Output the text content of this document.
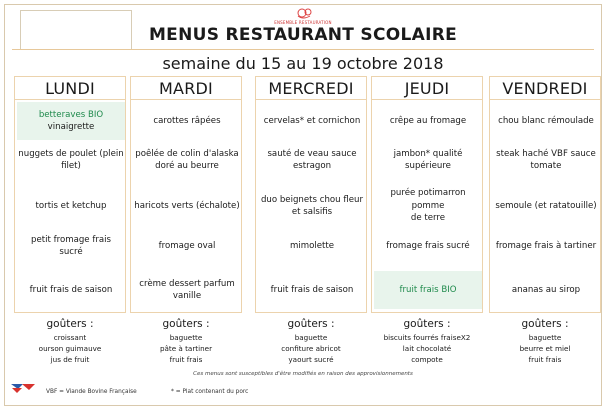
ENSEMBLE RESTAURATION
MENUS RESTAURANT SCOLAIRE
semaine du 15 au 19 octobre 2018
LUNDI
betteraves BIO
vinaigrette
nuggets de poulet (plein
filet)
tortis et ketchup
petit fromage frais
sucré
fruit frais de saison
goûters :
croissant
ourson guimauve
jus de fruit
MARDI
carottes râpées
poêlée de colin d'alaska
doré au beurre
haricots verts (échalote)
fromage oval
crème dessert parfum
vanille
goûters :
baguette
pâte à tartiner
fruit frais
MERCREDI
cervelas* et cornichon
sauté de veau sauce
estragon
duo beignets chou fleur
et salsifis
mimolette
fruit frais de saison
goûters :
baguette
confiture abricot
yaourt sucré
JEUDI
crêpe au fromage
jambon* qualité
supérieure
purée potimarron pomme
de terre
fromage frais sucré
fruit frais BIO
goûters :
biscuits fourrés fraiseX2
lait chocolaté
compote
VENDREDI
chou blanc rémoulade
steak haché VBF sauce
tomate
semoule (et ratatouille)
fromage frais à tartiner
ananas au sirop
goûters :
baguette
beurre et miel
fruit frais
Ces menus sont susceptibles d'être modifiés en raison des approvisionnements
VBF = Viande Bovine Française	* = Plat contenant du porc
